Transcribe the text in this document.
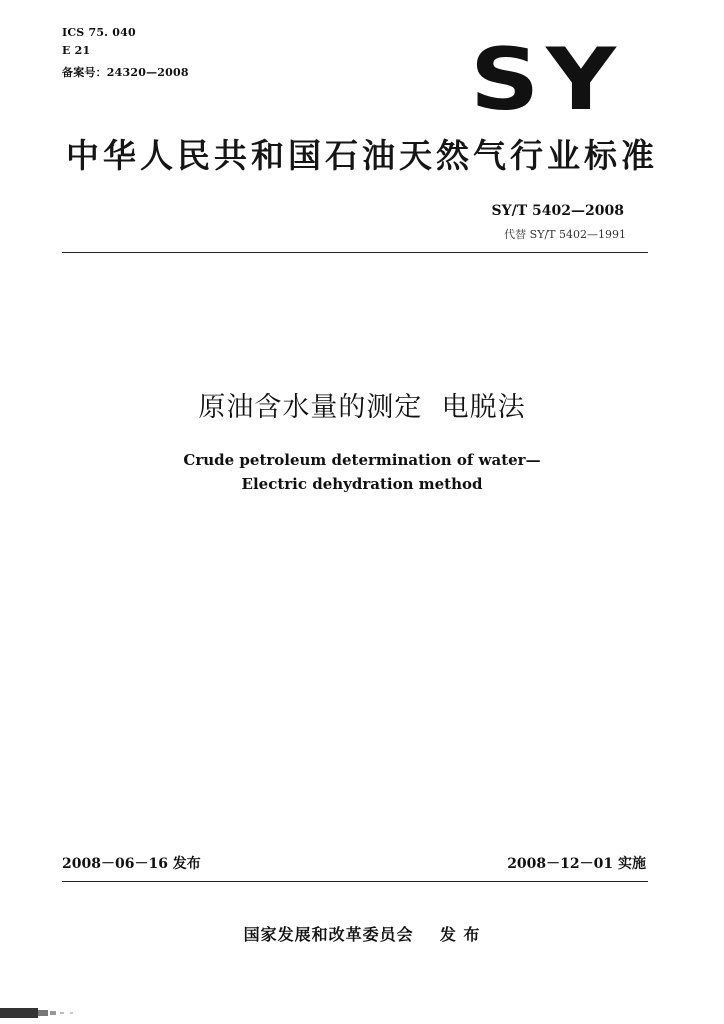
ICS 75. 040
E 21
备案号：24320—2008	SY
中华人民共和国石油天然气行业标准
SY/T 5402—2008
代替 SY/T 5402—1991
原油含水量的测定  电脱法
Crude petroleum determination of water—
Electric dehydration method
2008－06－16 发布	2008－12－01 实施
国家发展和改革委员会    发 布
